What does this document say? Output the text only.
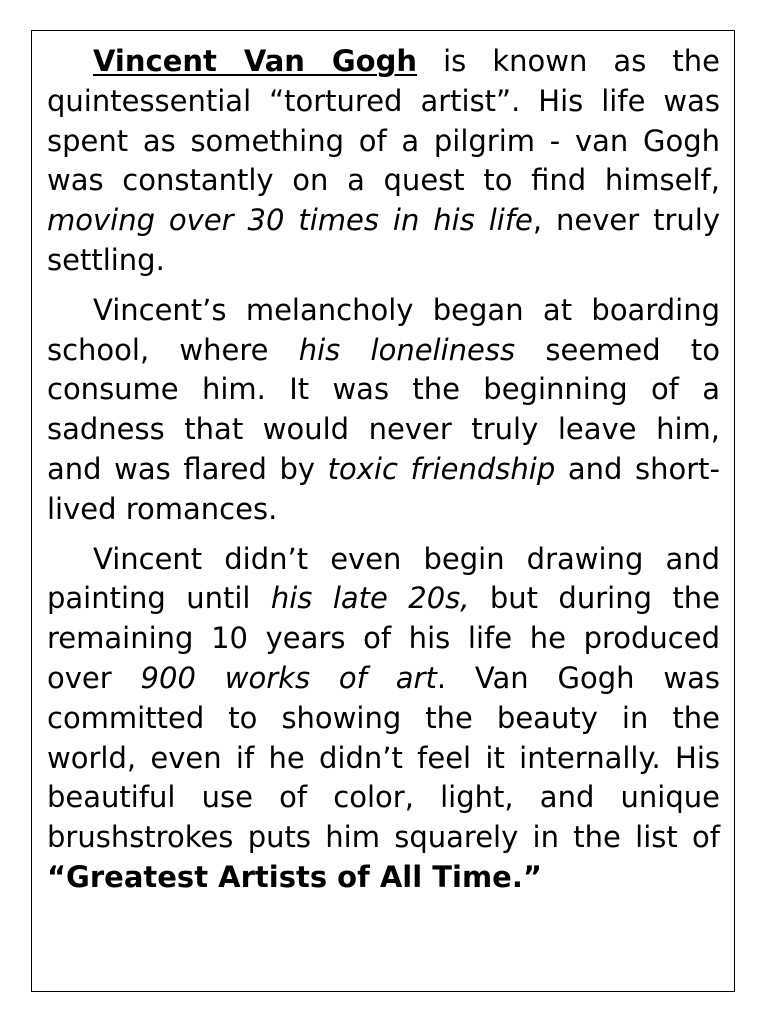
Vincent Van Gogh is known as the quintessential “tortured artist”. His life was spent as something of a pilgrim - van Gogh was constantly on a quest to find himself, moving over 30 times in his life, never truly settling.

Vincent’s melancholy began at boarding school, where his loneliness seemed to consume him. It was the beginning of a sadness that would never truly leave him, and was flared by toxic friendship and short-lived romances.

Vincent didn’t even begin drawing and painting until his late 20s, but during the remaining 10 years of his life he produced over 900 works of art. Van Gogh was committed to showing the beauty in the world, even if he didn’t feel it internally. His beautiful use of color, light, and unique brushstrokes puts him squarely in the list of “Greatest Artists of All Time.”
